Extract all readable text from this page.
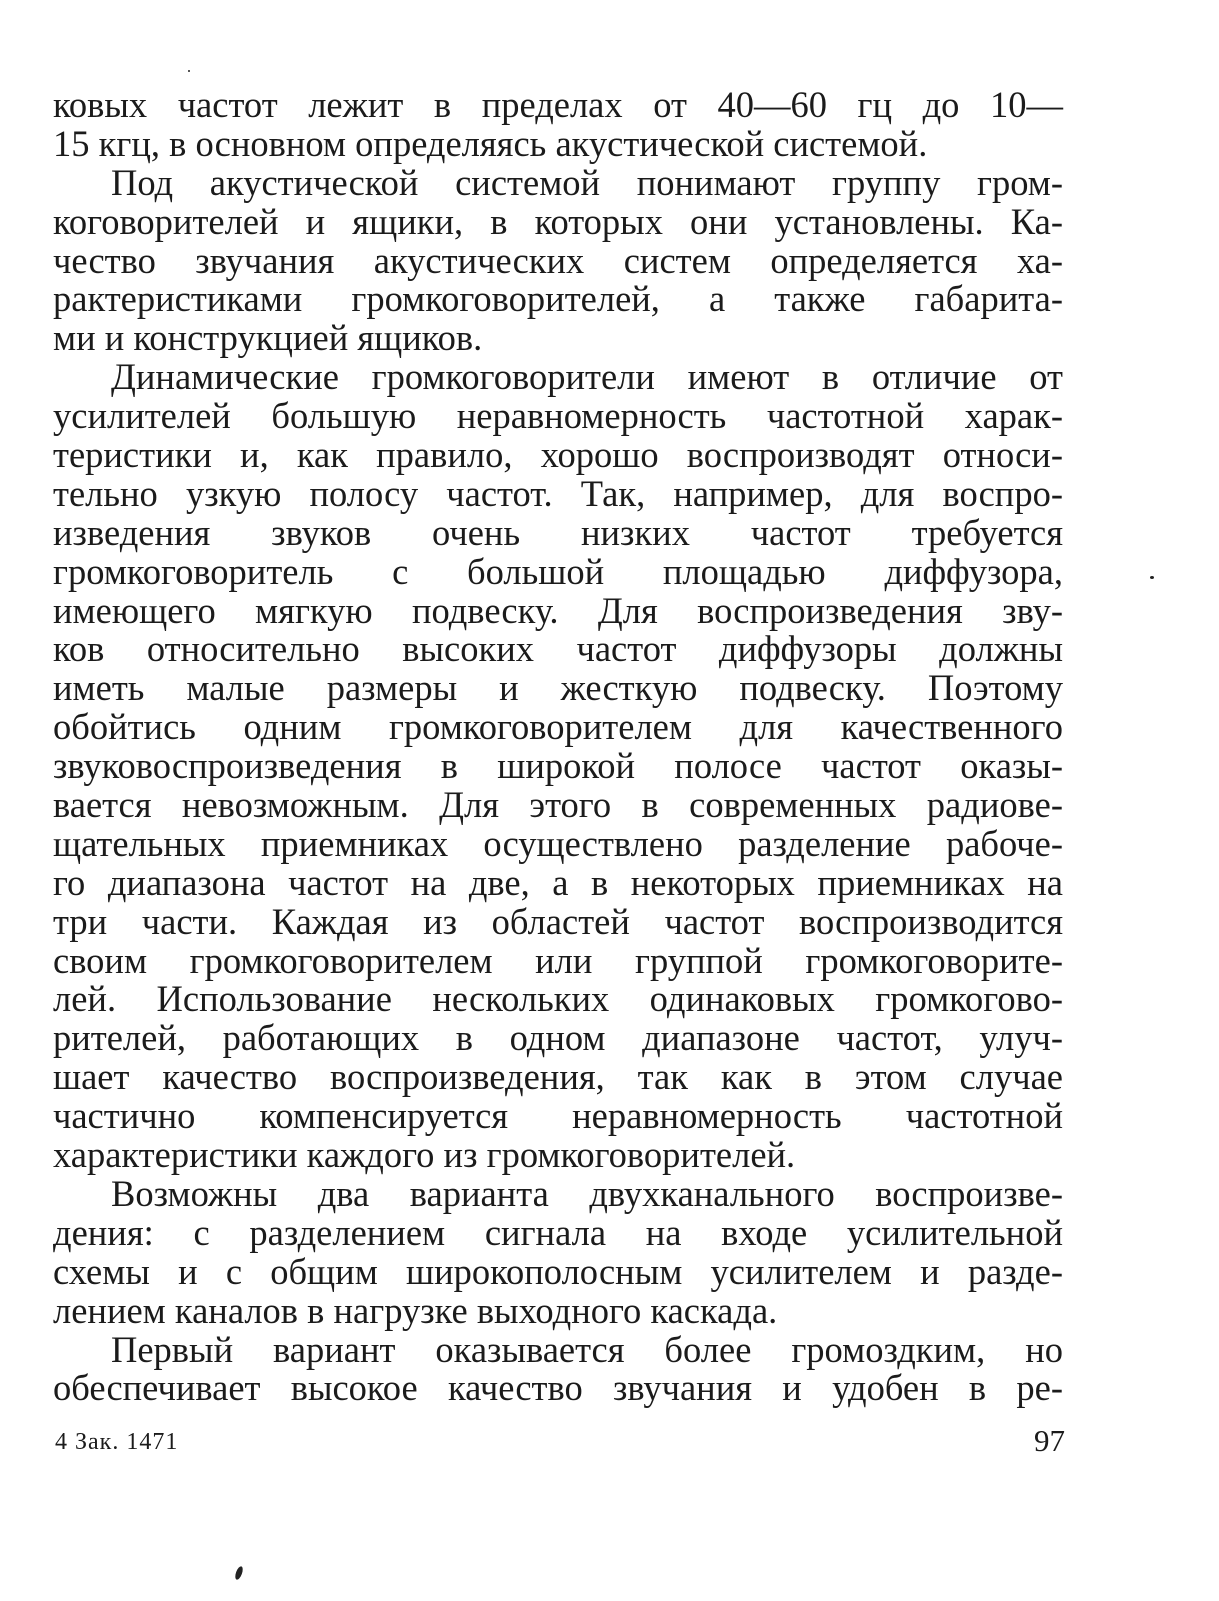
ковых частот лежит в пределах от 40—60 гц до 10—
15 кгц, в основном определяясь акустической системой.
Под акустической системой понимают группу гром-
коговорителей и ящики, в которых они установлены. Ка-
чество звучания акустических систем определяется ха-
рактеристиками громкоговорителей, а также габарита-
ми и конструкцией ящиков.
Динамические громкоговорители имеют в отличие от
усилителей большую неравномерность частотной харак-
теристики и, как правило, хорошо воспроизводят относи-
тельно узкую полосу частот. Так, например, для воспро-
изведения звуков очень низких частот требуется
громкоговоритель с большой площадью диффузора,
имеющего мягкую подвеску. Для воспроизведения зву-
ков относительно высоких частот диффузоры должны
иметь малые размеры и жесткую подвеску. Поэтому
обойтись одним громкоговорителем для качественного
звуковоспроизведения в широкой полосе частот оказы-
вается невозможным. Для этого в современных радиове-
щательных приемниках осуществлено разделение рабоче-
го диапазона частот на две, а в некоторых приемниках на
три части. Каждая из областей частот воспроизводится
своим громкоговорителем или группой громкоговорите-
лей. Использование нескольких одинаковых громкогово-
рителей, работающих в одном диапазоне частот, улуч-
шает качество воспроизведения, так как в этом случае
частично компенсируется неравномерность частотной
характеристики каждого из громкоговорителей.
Возможны два варианта двухканального воспроизве-
дения: с разделением сигнала на входе усилительной
схемы и с общим широкополосным усилителем и разде-
лением каналов в нагрузке выходного каскада.
Первый вариант оказывается более громоздким, но
обеспечивает высокое качество звучания и удобен в ре-
4 Зак. 1471	97
